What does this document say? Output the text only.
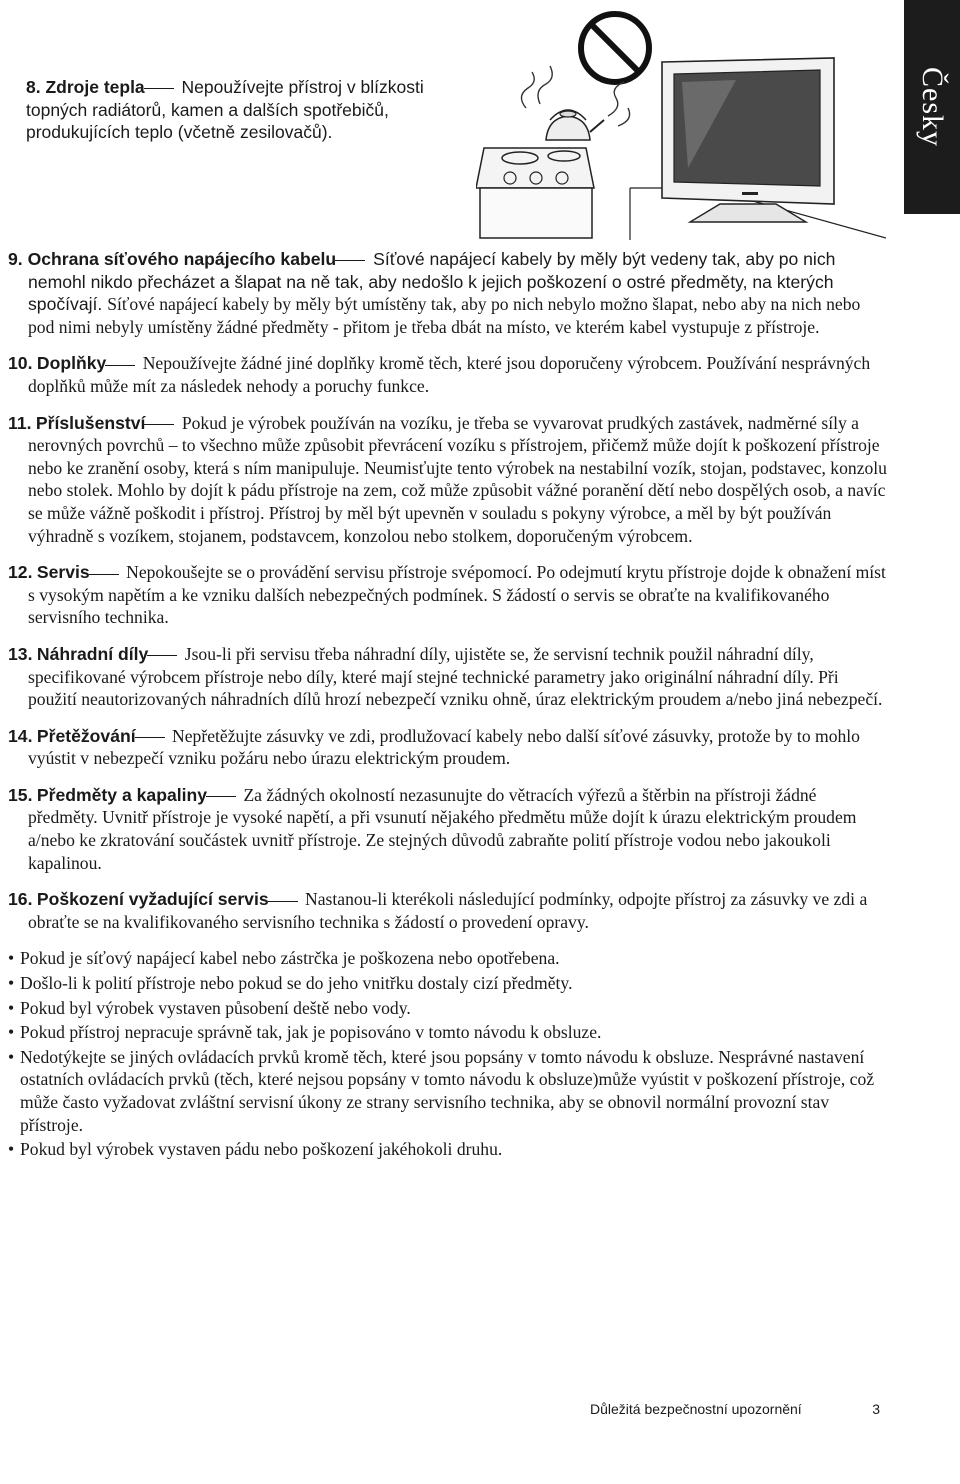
Česky
8. Zdroje tepla Nepoužívejte přístroj v blízkosti topných radiátorů, kamen a dalších spotřebičů, produkujících teplo (včetně zesilovačů).

9. Ochrana síťového napájecího kabelu Síťové napájecí kabely by měly být vedeny tak, aby po nich nemohl nikdo přecházet a šlapat na ně tak, aby nedošlo k jejich poškození o ostré předměty, na kterých spočívají. Síťové napájecí kabely by měly být umístěny tak, aby po nich nebylo možno šlapat, nebo aby na nich nebo pod nimi nebyly umístěny žádné předměty - přitom je třeba dbát na místo, ve kterém kabel vystupuje z přístroje.

10. Doplňky Nepoužívejte žádné jiné doplňky kromě těch, které jsou doporučeny výrobcem. Používání nesprávných doplňků může mít za následek nehody a poruchy funkce.

11. Příslušenství Pokud je výrobek používán na vozíku, je třeba se vyvarovat prudkých zastávek, nadměrné síly a nerovných povrchů – to všechno může způsobit převrácení vozíku s přístrojem, přičemž může dojít k poškození přístroje nebo ke zranění osoby, která s ním manipuluje. Neumisťujte tento výrobek na nestabilní vozík, stojan, podstavec, konzolu nebo stolek. Mohlo by dojít k pádu přístroje na zem, což může způsobit vážné poranění dětí nebo dospělých osob, a navíc se může vážně poškodit i přístroj. Přístroj by měl být upevněn v souladu s pokyny výrobce, a měl by být používán výhradně s vozíkem, stojanem, podstavcem, konzolou nebo stolkem, doporučeným výrobcem.

12. Servis Nepokoušejte se o provádění servisu přístroje svépomocí. Po odejmutí krytu přístroje dojde k obnažení míst s vysokým napětím a ke vzniku dalších nebezpečných podmínek. S žádostí o servis se obraťte na kvalifikovaného servisního technika.

13. Náhradní díly Jsou-li při servisu třeba náhradní díly, ujistěte se, že servisní technik použil náhradní díly, specifikované výrobcem přístroje nebo díly, které mají stejné technické parametry jako originální náhradní díly. Při použití neautorizovaných náhradních dílů hrozí nebezpečí vzniku ohně, úraz elektrickým proudem a/nebo jiná nebezpečí.

14. Přetěžování Nepřetěžujte zásuvky ve zdi, prodlužovací kabely nebo další síťové zásuvky, protože by to mohlo vyústit v nebezpečí vzniku požáru nebo úrazu elektrickým proudem.

15. Předměty a kapaliny Za žádných okolností nezasunujte do větracích výřezů a štěrbin na přístroji žádné předměty. Uvnitř přístroje je vysoké napětí, a při vsunutí nějakého předmětu může dojít k úrazu elektrickým proudem a/nebo ke zkratování součástek uvnitř přístroje. Ze stejných důvodů zabraňte polití přístroje vodou nebo jakoukoli kapalinou.

16. Poškození vyžadující servis Nastanou-li kterékoli následující podmínky, odpojte přístroj za zásuvky ve zdi a obraťte se na kvalifikovaného servisního technika s žádostí o provedení opravy.

• Pokud je síťový napájecí kabel nebo zástrčka je poškozena nebo opotřebena.
• Došlo-li k polití přístroje nebo pokud se do jeho vnitřku dostaly cizí předměty.
• Pokud byl výrobek vystaven působení deště nebo vody.
• Pokud přístroj nepracuje správně tak, jak je popisováno v tomto návodu k obsluze.
• Nedotýkejte se jiných ovládacích prvků kromě těch, které jsou popsány v tomto návodu k obsluze. Nesprávné nastavení ostatních ovládacích prvků (těch, které nejsou popsány v tomto návodu k obsluze)může vyústit v poškození přístroje, což může často vyžadovat zvláštní servisní úkony ze strany servisního technika, aby se obnovil normální provozní stav přístroje.
• Pokud byl výrobek vystaven pádu nebo poškození jakéhokoli druhu.
Důležitá bezpečnostní upozornění	3
